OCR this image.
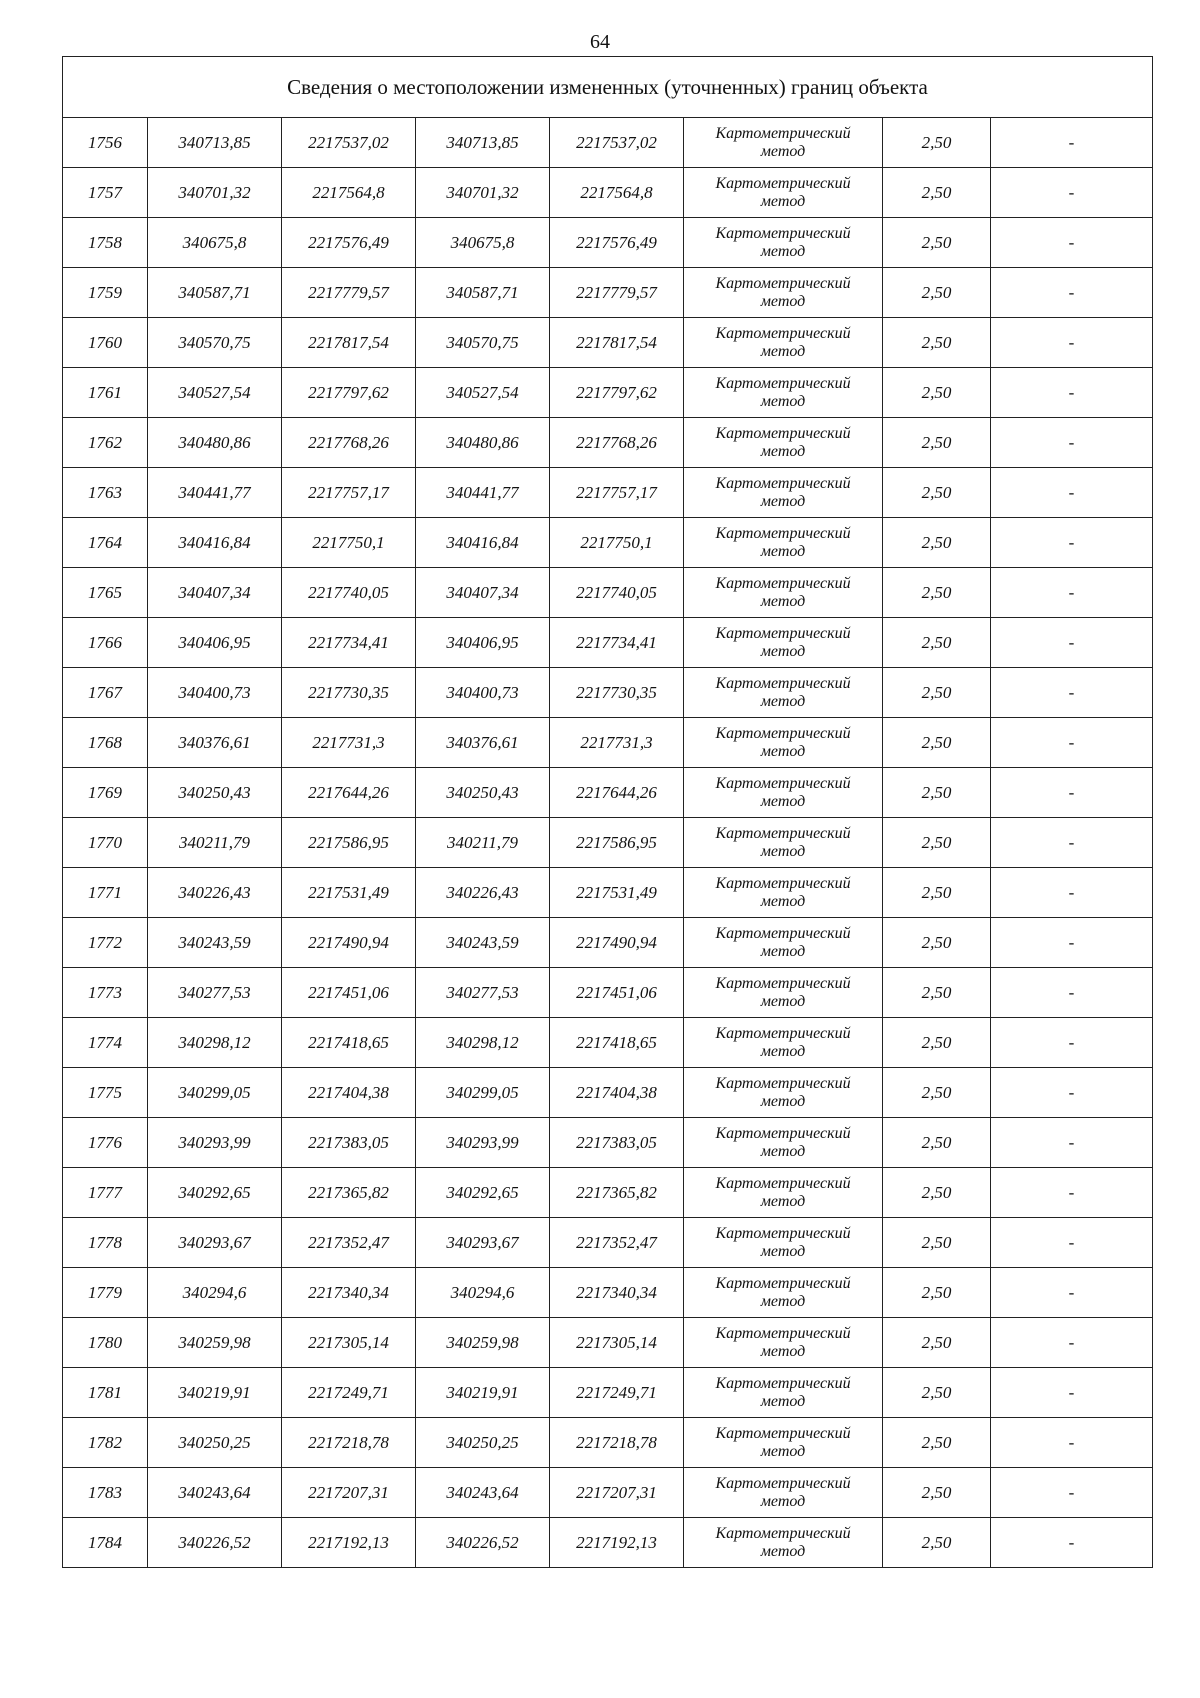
64
Сведения о местоположении измененных (уточненных) границ объекта							
1756	340713,85	2217537,02	340713,85	2217537,02	Картометрический
метод	2,50	-
1757	340701,32	2217564,8	340701,32	2217564,8	Картометрический
метод	2,50	-
1758	340675,8	2217576,49	340675,8	2217576,49	Картометрический
метод	2,50	-
1759	340587,71	2217779,57	340587,71	2217779,57	Картометрический
метод	2,50	-
1760	340570,75	2217817,54	340570,75	2217817,54	Картометрический
метод	2,50	-
1761	340527,54	2217797,62	340527,54	2217797,62	Картометрический
метод	2,50	-
1762	340480,86	2217768,26	340480,86	2217768,26	Картометрический
метод	2,50	-
1763	340441,77	2217757,17	340441,77	2217757,17	Картометрический
метод	2,50	-
1764	340416,84	2217750,1	340416,84	2217750,1	Картометрический
метод	2,50	-
1765	340407,34	2217740,05	340407,34	2217740,05	Картометрический
метод	2,50	-
1766	340406,95	2217734,41	340406,95	2217734,41	Картометрический
метод	2,50	-
1767	340400,73	2217730,35	340400,73	2217730,35	Картометрический
метод	2,50	-
1768	340376,61	2217731,3	340376,61	2217731,3	Картометрический
метод	2,50	-
1769	340250,43	2217644,26	340250,43	2217644,26	Картометрический
метод	2,50	-
1770	340211,79	2217586,95	340211,79	2217586,95	Картометрический
метод	2,50	-
1771	340226,43	2217531,49	340226,43	2217531,49	Картометрический
метод	2,50	-
1772	340243,59	2217490,94	340243,59	2217490,94	Картометрический
метод	2,50	-
1773	340277,53	2217451,06	340277,53	2217451,06	Картометрический
метод	2,50	-
1774	340298,12	2217418,65	340298,12	2217418,65	Картометрический
метод	2,50	-
1775	340299,05	2217404,38	340299,05	2217404,38	Картометрический
метод	2,50	-
1776	340293,99	2217383,05	340293,99	2217383,05	Картометрический
метод	2,50	-
1777	340292,65	2217365,82	340292,65	2217365,82	Картометрический
метод	2,50	-
1778	340293,67	2217352,47	340293,67	2217352,47	Картометрический
метод	2,50	-
1779	340294,6	2217340,34	340294,6	2217340,34	Картометрический
метод	2,50	-
1780	340259,98	2217305,14	340259,98	2217305,14	Картометрический
метод	2,50	-
1781	340219,91	2217249,71	340219,91	2217249,71	Картометрический
метод	2,50	-
1782	340250,25	2217218,78	340250,25	2217218,78	Картометрический
метод	2,50	-
1783	340243,64	2217207,31	340243,64	2217207,31	Картометрический
метод	2,50	-
1784	340226,52	2217192,13	340226,52	2217192,13	Картометрический
метод	2,50	-
